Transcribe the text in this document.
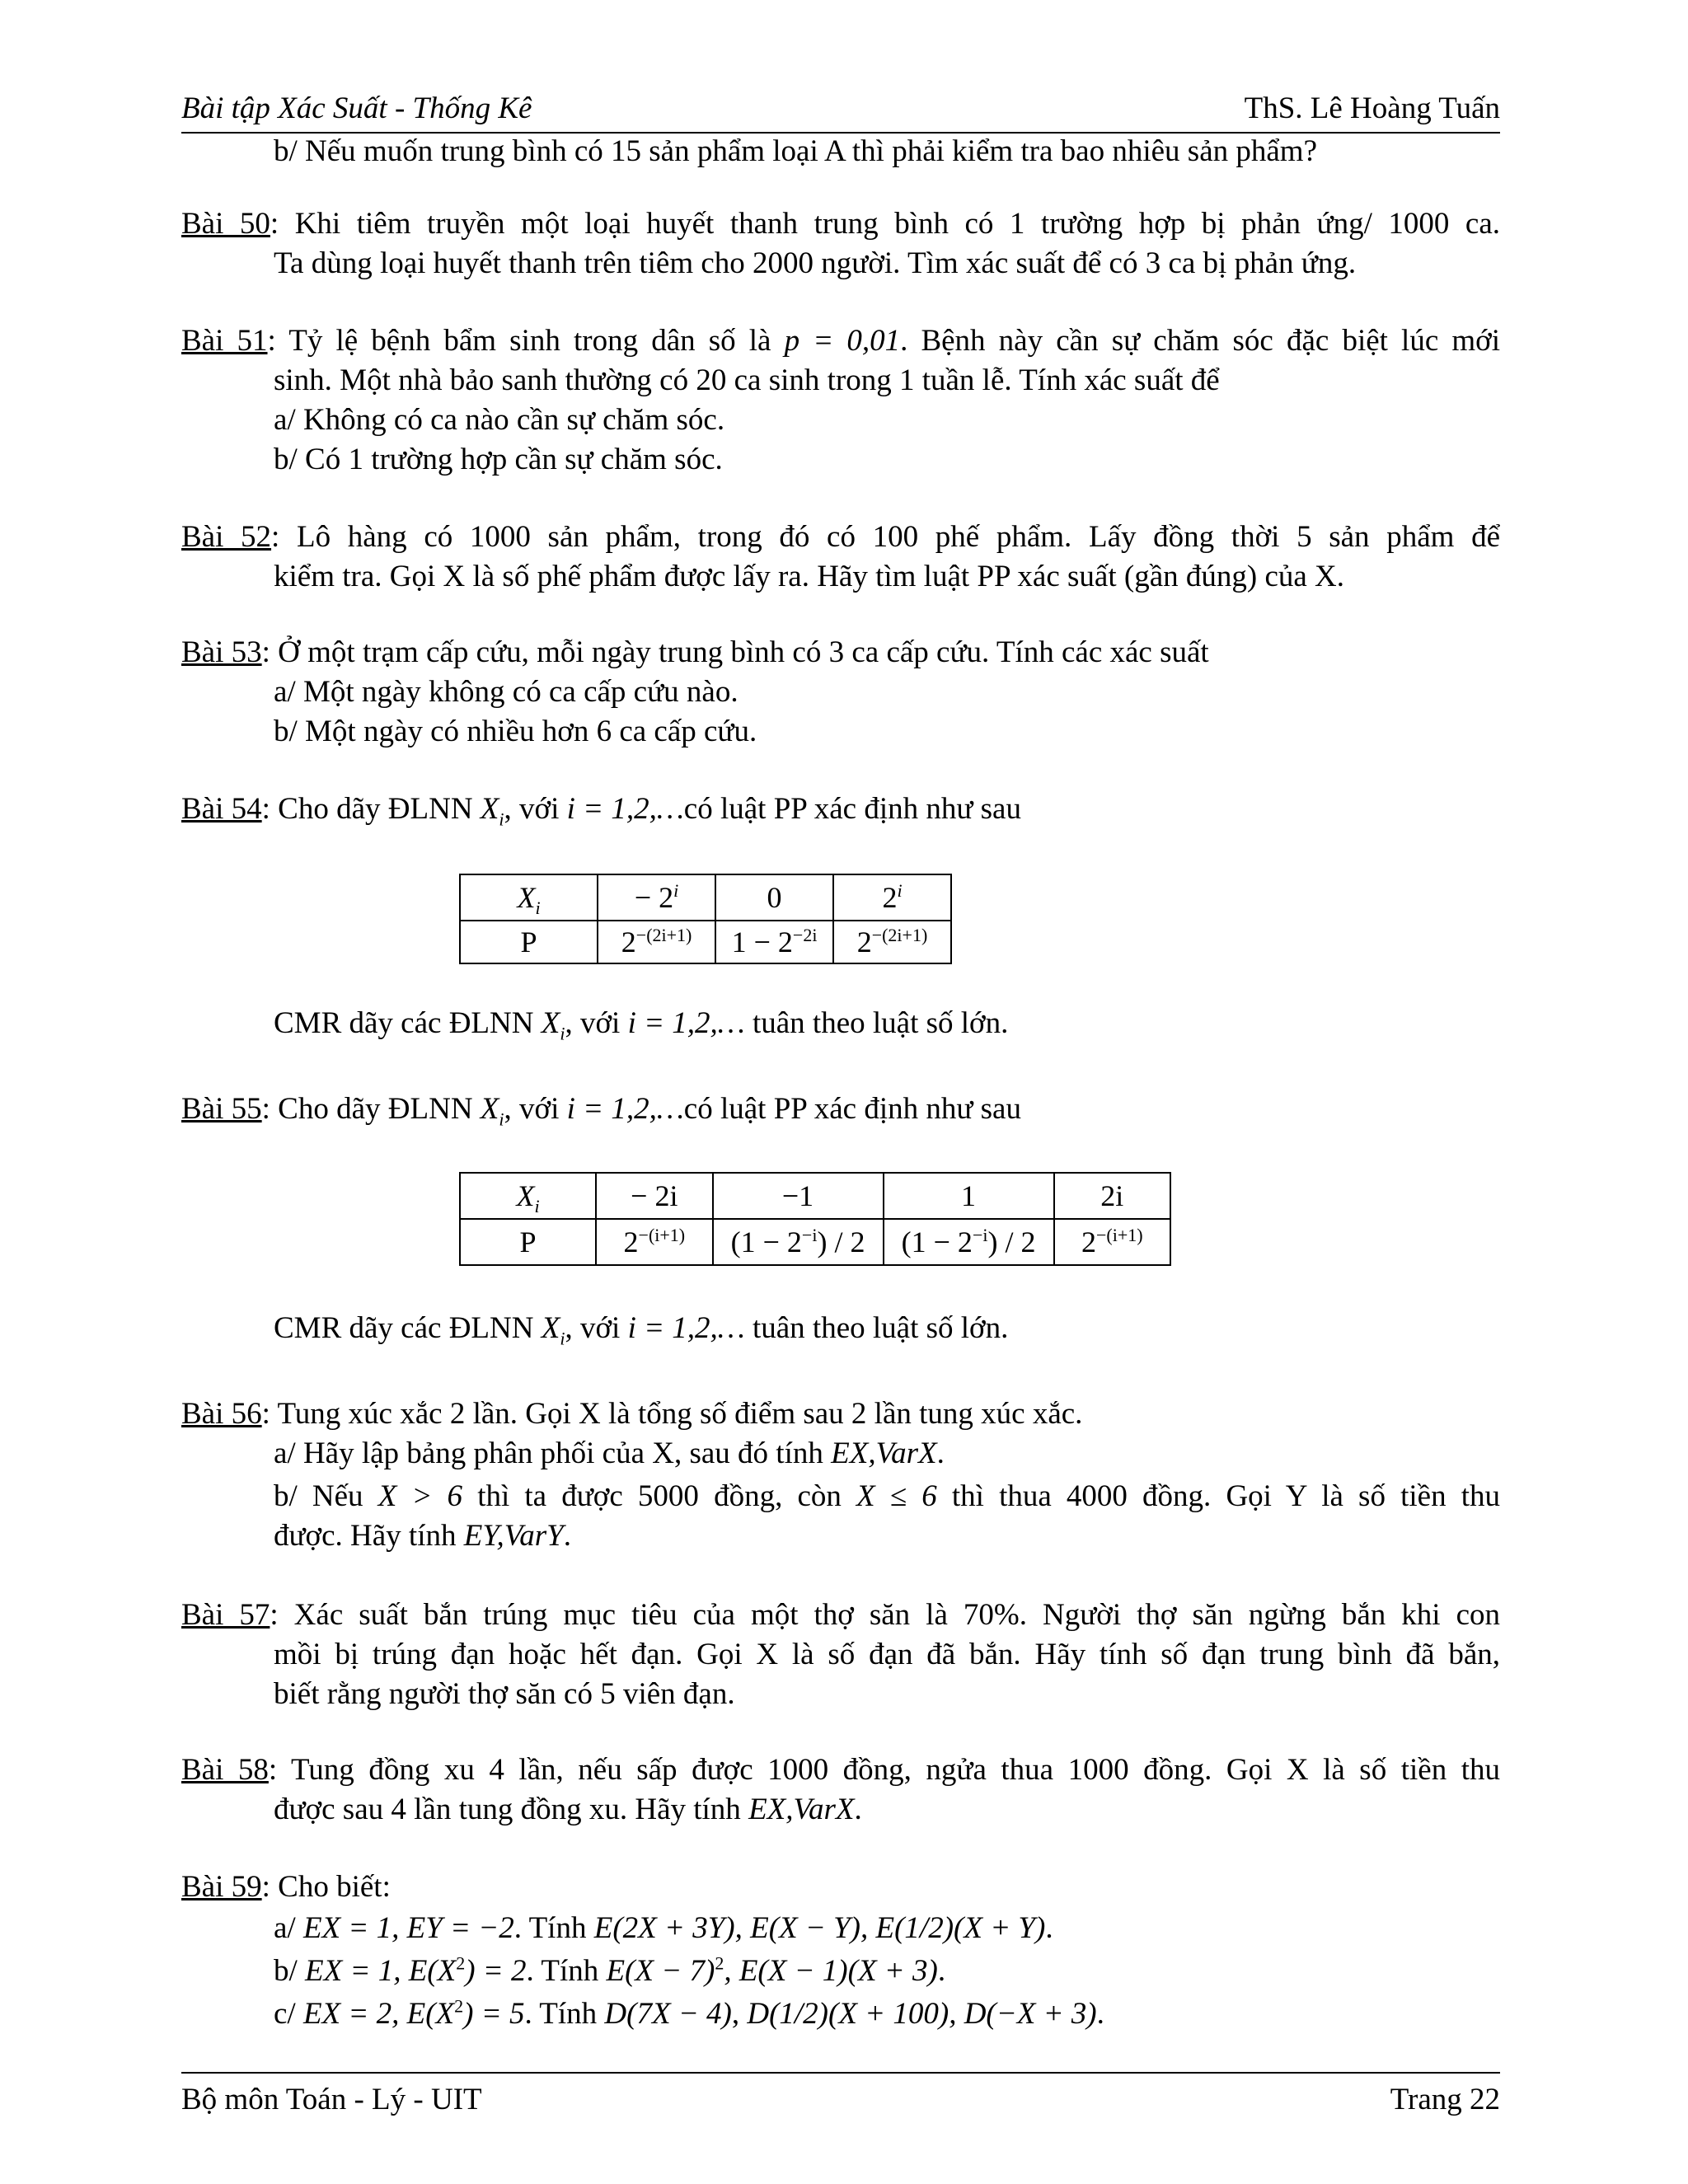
Bài tập Xác Suất - Thống Kê	ThS. Lê Hoàng Tuấn
b/ Nếu muốn trung bình có 15 sản phẩm loại A thì phải kiểm tra bao nhiêu sản phẩm?
Bài 50: Khi tiêm truyền một loại huyết thanh trung bình có 1 trường hợp bị phản ứng/ 1000 ca.
Ta dùng loại huyết thanh trên tiêm cho 2000 người. Tìm xác suất để có 3 ca bị phản ứng.
Bài 51: Tỷ lệ bệnh bẩm sinh trong dân số là p = 0,01. Bệnh này cần sự chăm sóc đặc biệt lúc mới
sinh. Một nhà bảo sanh thường có 20 ca sinh trong 1 tuần lễ. Tính xác suất để
a/ Không có ca nào cần sự chăm sóc.
b/ Có 1 trường hợp cần sự chăm sóc.
Bài 52: Lô hàng có 1000 sản phẩm, trong đó có 100 phế phẩm. Lấy đồng thời 5 sản phẩm để
kiểm tra. Gọi X là số phế phẩm được lấy ra. Hãy tìm luật PP xác suất (gần đúng) của X.
Bài 53: Ở một trạm cấp cứu, mỗi ngày trung bình có 3 ca cấp cứu. Tính các xác suất
a/ Một ngày không có ca cấp cứu nào.
b/ Một ngày có nhiều hơn 6 ca cấp cứu.
Bài 54: Cho dãy ĐLNN $X_i$, với i = 1,2,…có luật PP xác định như sau
$X_i$	− $2^i$	0	2$^i$
P	$2^{-(2i+1)}$	$1 - 2^{-2i}$	$2^{-(2i+1)}$
CMR dãy các ĐLNN $X_i$, với i = 1,2,… tuân theo luật số lớn.
Bài 55: Cho dãy ĐLNN $X_i$, với i = 1,2,…có luật PP xác định như sau
$X_i$	− 2i	−1	1	2i
P	$2^{-(i+1)}$	$(1 - 2^{-i}) / 2$	$(1 - 2^{-i}) / 2$	$2^{-(i+1)}$
CMR dãy các ĐLNN $X_i$, với i = 1,2,… tuân theo luật số lớn.
Bài 56: Tung xúc xắc 2 lần. Gọi X là tổng số điểm sau 2 lần tung xúc xắc.
a/ Hãy lập bảng phân phối của X, sau đó tính EX,VarX.
b/ Nếu X > 6 thì ta được 5000 đồng, còn X ≤ 6 thì thua 4000 đồng. Gọi Y là số tiền thu
được. Hãy tính EY,VarY.
Bài 57: Xác suất bắn trúng mục tiêu của một thợ săn là 70%. Người thợ săn ngừng bắn khi con
mồi bị trúng đạn hoặc hết đạn. Gọi X là số đạn đã bắn. Hãy tính số đạn trung bình đã bắn,
biết rằng người thợ săn có 5 viên đạn.
Bài 58: Tung đồng xu 4 lần, nếu sấp được 1000 đồng, ngửa thua 1000 đồng. Gọi X là số tiền thu
được sau 4 lần tung đồng xu. Hãy tính EX,VarX.
Bài 59: Cho biết:
a/ EX = 1, EY = −2. Tính E(2X + 3Y), E(X − Y), E(1/2)(X + Y).
b/ EX = 1, $E(X^2) = 2$. Tính $E(X - 7)^2$, E(X − 1)(X + 3).
c/ EX = 2, $E(X^2) = 5$. Tính D(7X − 4), D(1/2)(X + 100), D(−X + 3).
Bộ môn Toán - Lý - UIT	Trang 22
